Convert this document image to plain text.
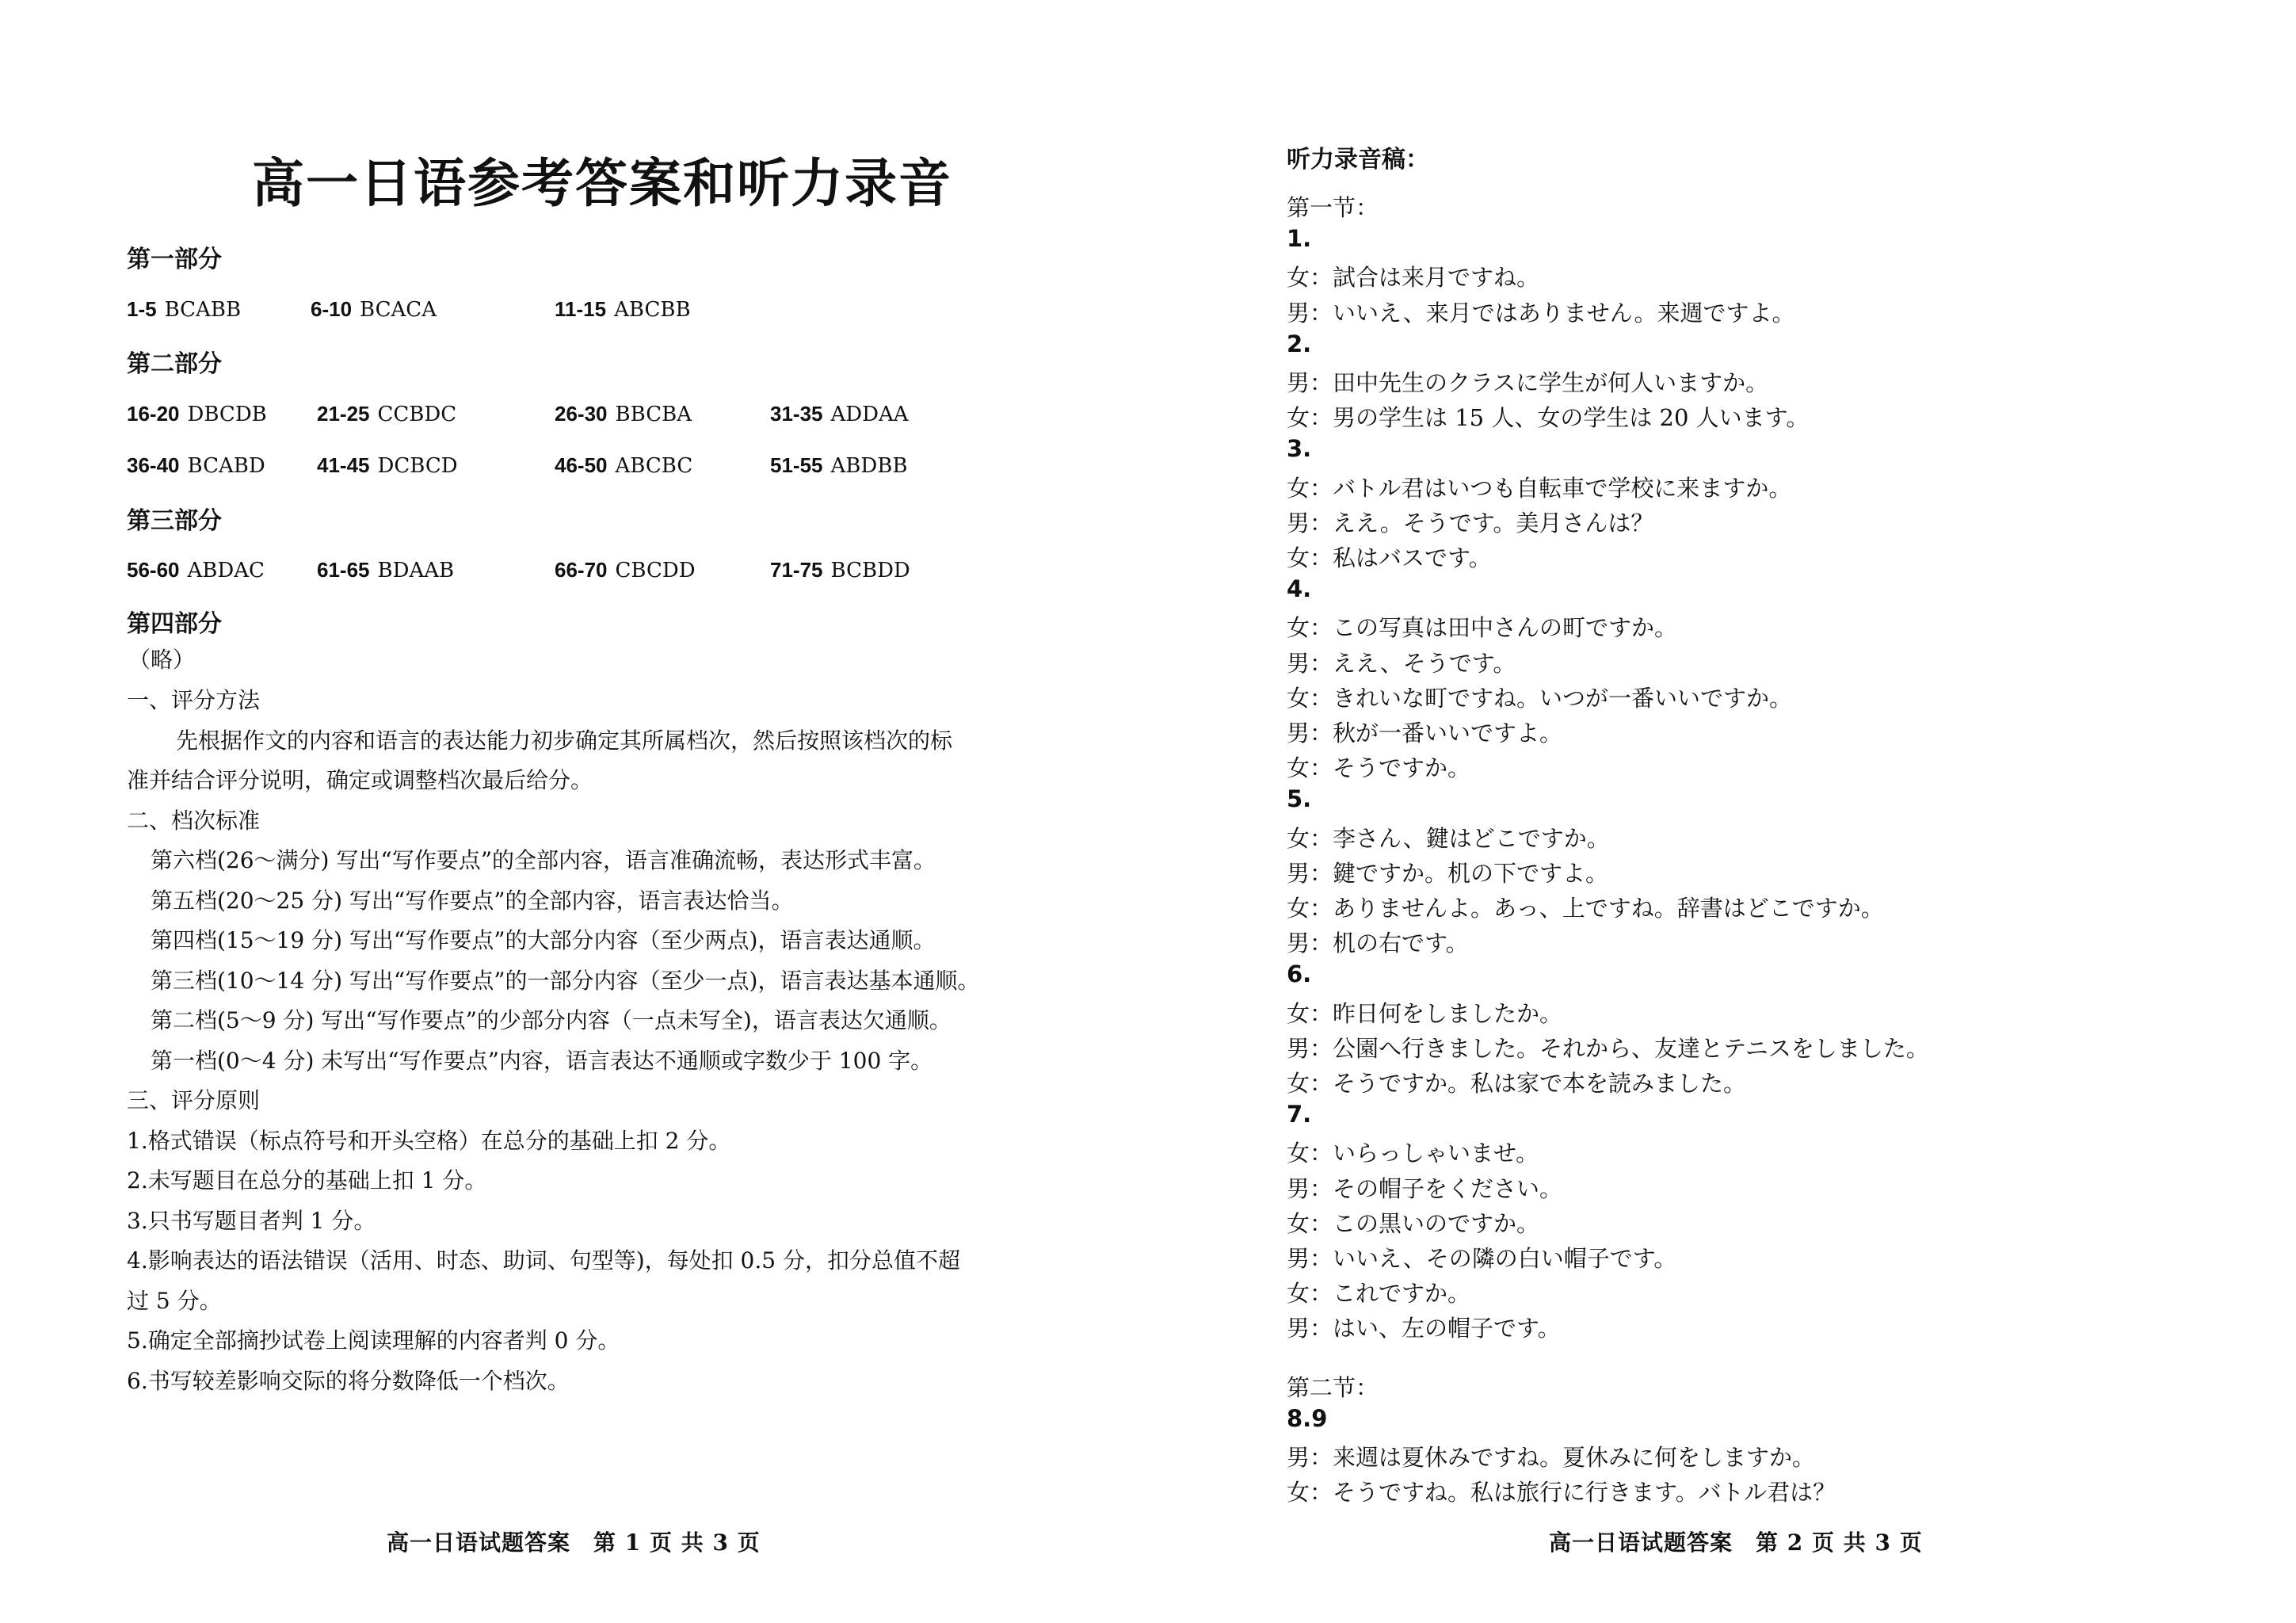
高一日语参考答案和听力录音
第一部分
1-5 BCABB	6-10 BCACA	11-15 ABCBB
第二部分
16-20 DBCDB 21-25 CCBDC	26-30 BBCBA	31-35 ADDAA
36-40 BCABD	41-45 DCBCD	46-50 ABCBC	51-55 ABDBB
第三部分
56-60 ABDAC	61-65 BDAAB	66-70 CBCDD	71-75 BCBDD
第四部分
（略）
一、评分方法
先根据作文的内容和语言的表达能力初步确定其所属档次，然后按照该档次的标
准并结合评分说明，确定或调整档次最后给分。
二、档次标准
第六档(26～满分) 写出“写作要点”的全部内容，语言准确流畅，表达形式丰富。
第五档(20～25 分) 写出“写作要点”的全部内容，语言表达恰当。
第四档(15～19 分) 写出“写作要点”的大部分内容（至少两点)，语言表达通顺。
第三档(10～14 分) 写出“写作要点”的一部分内容（至少一点)，语言表达基本通顺。
第二档(5～9 分) 写出“写作要点”的少部分内容（一点未写全)，语言表达欠通顺。
第一档(0～4 分) 未写出“写作要点”内容，语言表达不通顺或字数少于 100 字。
三、评分原则
1.格式错误（标点符号和开头空格）在总分的基础上扣 2 分。
2.未写题目在总分的基础上扣 1 分。
3.只书写题目者判 1 分。
4.影响表达的语法错误（活用、时态、助词、句型等)，每处扣 0.5 分，扣分总值不超
过 5 分。
5.确定全部摘抄试卷上阅读理解的内容者判 0 分。
6.书写较差影响交际的将分数降低一个档次。
高一日语试题答案　第 1 页 共 3 页
听力录音稿：
第一节：
1.
女：試合は来月ですね。
男：いいえ、来月ではありません。来週ですよ。
2.
男：田中先生のクラスに学生が何人いますか。
女：男の学生は 15 人、女の学生は 20 人います。
3.
女：バトル君はいつも自転車で学校に来ますか。
男：ええ。そうです。美月さんは？
女：私はバスです。
4.
女：この写真は田中さんの町ですか。
男：ええ、そうです。
女：きれいな町ですね。いつが一番いいですか。
男：秋が一番いいですよ。
女：そうですか。
5.
女：李さん、鍵はどこですか。
男：鍵ですか。机の下ですよ。
女：ありませんよ。あっ、上ですね。辞書はどこですか。
男：机の右です。
6.
女：昨日何をしましたか。
男：公園へ行きました。それから、友達とテニスをしました。
女：そうですか。私は家で本を読みました。
7.
女：いらっしゃいませ。
男：その帽子をください。
女：この黒いのですか。
男：いいえ、その隣の白い帽子です。
女：これですか。
男：はい、左の帽子です。
第二节：
8.9
男：来週は夏休みですね。夏休みに何をしますか。
女：そうですね。私は旅行に行きます。バトル君は？
高一日语试题答案　第 2 页 共 3 页
